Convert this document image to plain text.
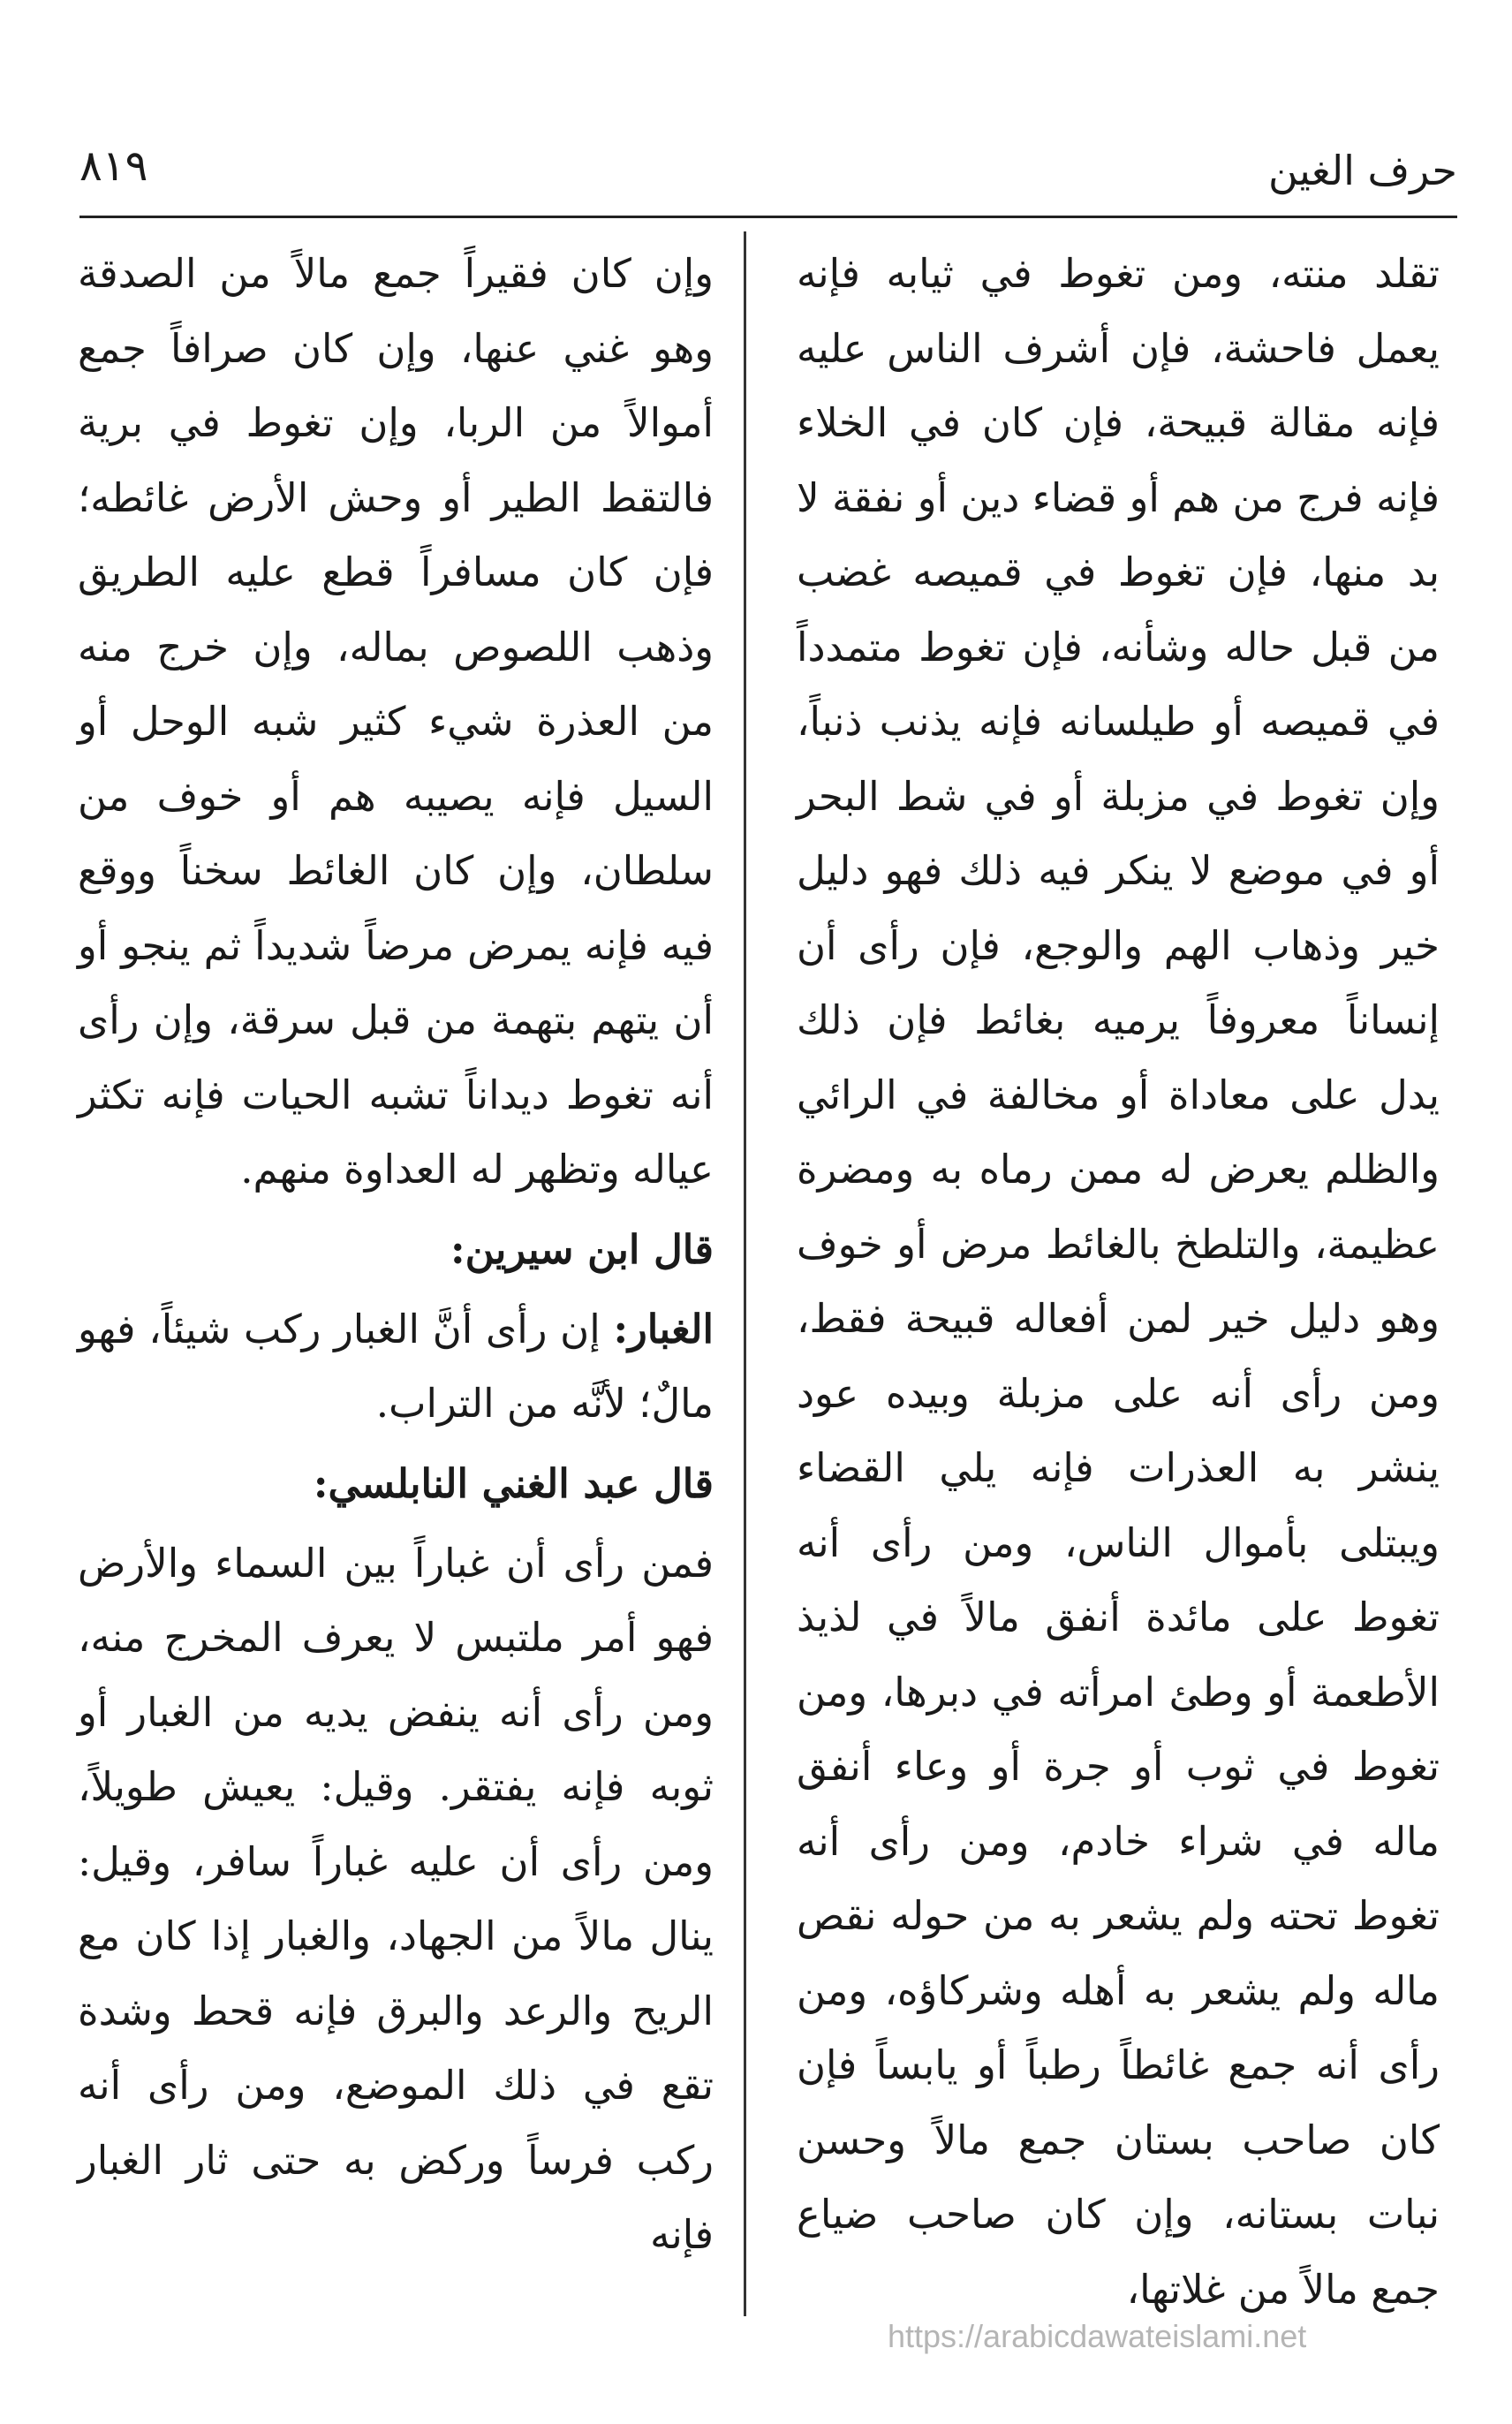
٨١٩	حرف الغين

تقلد منته، ومن تغوط في ثيابه فإنه يعمل فاحشة، فإن أشرف الناس عليه فإنه مقالة قبيحة، فإن كان في الخلاء فإنه فرج من هم أو قضاء دين أو نفقة لا بد منها، فإن تغوط في قميصه غضب من قبل حاله وشأنه، فإن تغوط متمدداً في قميصه أو طيلسانه فإنه يذنب ذنباً، وإن تغوط في مزبلة أو في شط البحر أو في موضع لا ينكر فيه ذلك فهو دليل خير وذهاب الهم والوجع، فإن رأى أن إنساناً معروفاً يرميه بغائط فإن ذلك يدل على معاداة أو مخالفة في الرائي والظلم يعرض له ممن رماه به ومضرة عظيمة، والتلطخ بالغائط مرض أو خوف وهو دليل خير لمن أفعاله قبيحة فقط، ومن رأى أنه على مزبلة وبيده عود ينشر به العذرات فإنه يلي القضاء ويبتلى بأموال الناس، ومن رأى أنه تغوط على مائدة أنفق مالاً في لذيذ الأطعمة أو وطئ امرأته في دبرها، ومن تغوط في ثوب أو جرة أو وعاء أنفق ماله في شراء خادم، ومن رأى أنه تغوط تحته ولم يشعر به من حوله نقص ماله ولم يشعر به أهله وشركاؤه، ومن رأى أنه جمع غائطاً رطباً أو يابساً فإن كان صاحب بستان جمع مالاً وحسن نبات بستانه، وإن كان صاحب ضياع جمع مالاً من غلاتها،

وإن كان فقيراً جمع مالاً من الصدقة وهو غني عنها، وإن كان صرافاً جمع أموالاً من الربا، وإن تغوط في برية فالتقط الطير أو وحش الأرض غائطه؛ فإن كان مسافراً قطع عليه الطريق وذهب اللصوص بماله، وإن خرج منه من العذرة شيء كثير شبه الوحل أو السيل فإنه يصيبه هم أو خوف من سلطان، وإن كان الغائط سخناً ووقع فيه فإنه يمرض مرضاً شديداً ثم ينجو أو أن يتهم بتهمة من قبل سرقة، وإن رأى أنه تغوط ديداناً تشبه الحيات فإنه تكثر عياله وتظهر له العداوة منهم.

قال ابن سيرين:

الغبار: إن رأى أنَّ الغبار ركب شيئاً، فهو مالٌ؛ لأنَّه من التراب.

قال عبد الغني النابلسي:

فمن رأى أن غباراً بين السماء والأرض فهو أمر ملتبس لا يعرف المخرج منه، ومن رأى أنه ينفض يديه من الغبار أو ثوبه فإنه يفتقر. وقيل: يعيش طويلاً، ومن رأى أن عليه غباراً سافر، وقيل: ينال مالاً من الجهاد، والغبار إذا كان مع الريح والرعد والبرق فإنه قحط وشدة تقع في ذلك الموضع، ومن رأى أنه ركب فرساً وركض به حتى ثار الغبار فإنه

https://arabicdawateislami.net
